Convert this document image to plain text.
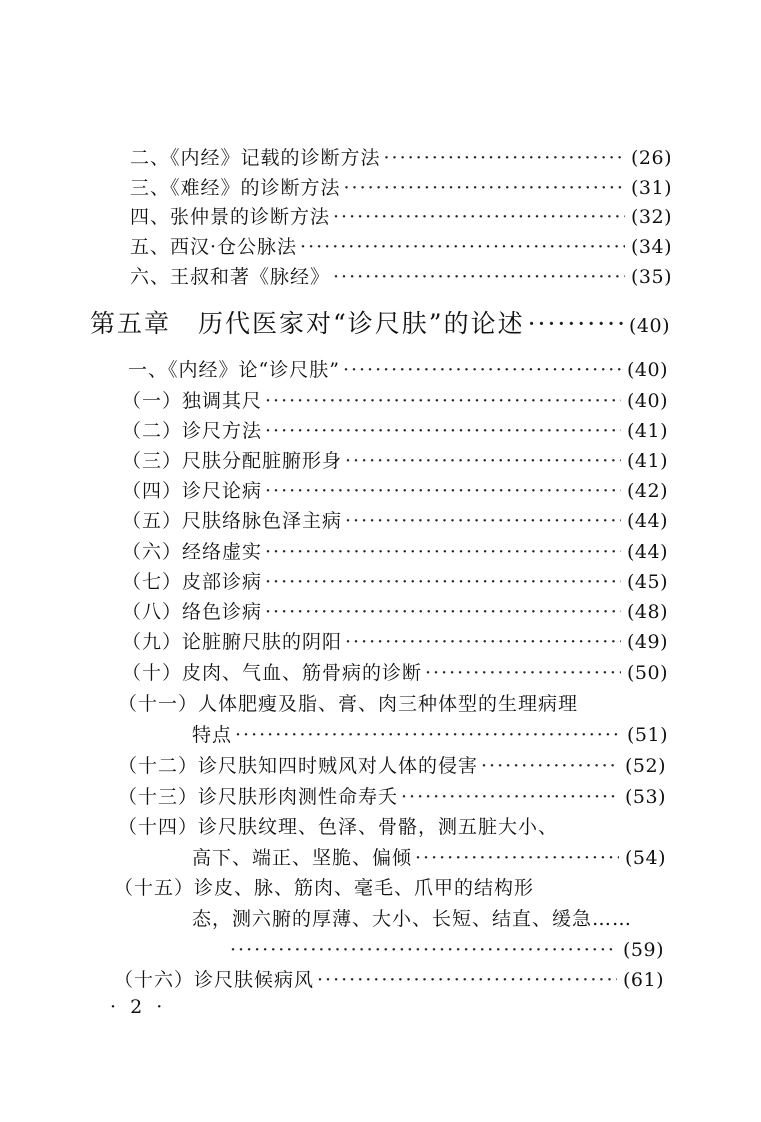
二、《内经》记载的诊断方法 ·····	(26)
三、《难经》的诊断方法 ·····	(31)
四、张仲景的诊断方法 ·····	(32)
五、西汉·仓公脉法 ·····	(34)
六、王叔和著《脉经》 ·····	(35)
第五章　历代医家对“诊尺肤”的论述 ·····	(40)
一、《内经》论“诊尺肤” ·····	(40)
（一）独调其尺 ·····	(40)
（二）诊尺方法 ·····	(41)
（三）尺肤分配脏腑形身 ·····	(41)
（四）诊尺论病 ·····	(42)
（五）尺肤络脉色泽主病 ·····	(44)
（六）经络虚实 ·····	(44)
（七）皮部诊病 ·····	(45)
（八）络色诊病 ·····	(48)
（九）论脏腑尺肤的阴阳 ·····	(49)
（十）皮肉、气血、筋骨病的诊断 ·····	(50)
（十一）人体肥瘦及脂、膏、肉三种体型的生理病理
特点 ·····	(51)
（十二）诊尺肤知四时贼风对人体的侵害 ·····	(52)
（十三）诊尺肤形肉测性命寿夭 ·····	(53)
（十四）诊尺肤纹理、色泽、骨骼，测五脏大小、
高下、端正、坚脆、偏倾 ·····	(54)
（十五）诊皮、脉、筋肉、毫毛、爪甲的结构形
态，测六腑的厚薄、大小、长短、结直、缓急……
·····
(59)
（十六）诊尺肤候病风 ·····	(61)
· 2 ·
